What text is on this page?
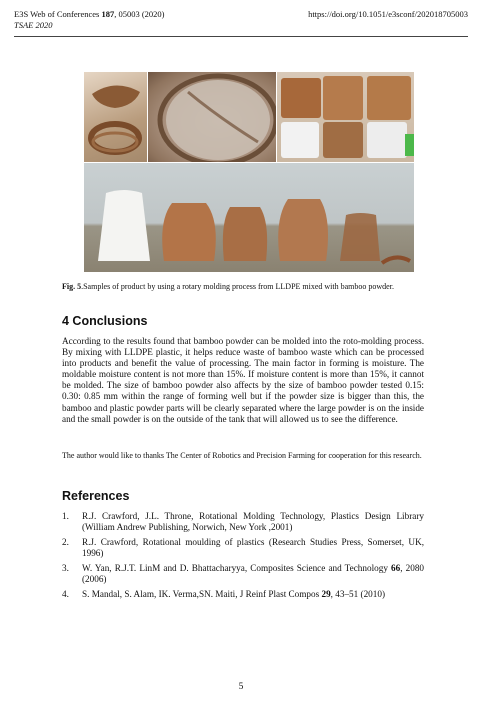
E3S Web of Conferences 187, 05003 (2020)	https://doi.org/10.1051/e3sconf/202018705003
TSAE 2020
Fig. 5.Samples of product by using a rotary molding process from LLDPE mixed with bamboo powder.
4 Conclusions

According to the results found that bamboo powder can be molded into the roto-molding process. By mixing with LLDPE plastic, it helps reduce waste of bamboo waste which can be processed into products and benefit the value of processing. The main factor in forming is moisture. The moldable moisture content is not more than 15%. If moisture content is more than 15%, it cannot be molded. The size of bamboo powder also affects by the size of bamboo powder tested 0.15: 0.30: 0.85 mm within the range of forming well but if the powder size is bigger than this, the bamboo and plastic powder parts will be clearly separated where the large powder is on the inside and the small powder is on the outside of the tank that will allowed us to see the difference.

The author would like to thanks The Center of Robotics and Precision Farming for cooperation for this research.

References
1.	R.J. Crawford, J.L. Throne, Rotational Molding Technology, Plastics Design Library (William Andrew Publishing, Norwich, New York ,2001)
2.	R.J. Crawford, Rotational moulding of plastics (Research Studies Press, Somerset, UK, 1996)
3.	W. Yan, R.J.T. LinM and D. Bhattacharyya, Composites Science and Technology 66, 2080 (2006)
4.	S. Mandal, S. Alam, IK. Verma,SN. Maiti, J Reinf Plast Compos 29, 43–51 (2010)
5
